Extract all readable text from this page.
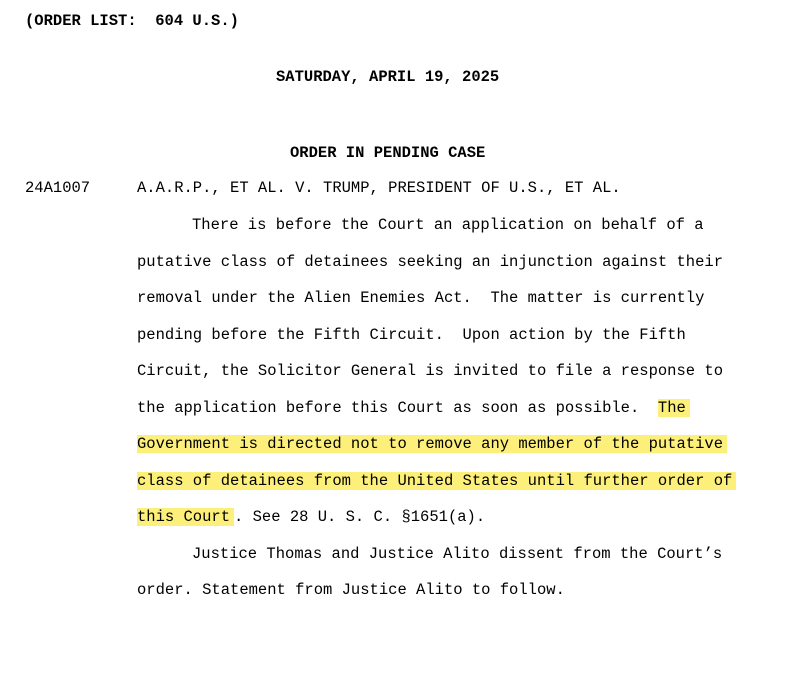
(ORDER LIST:  604 U.S.)
SATURDAY, APRIL 19, 2025
ORDER IN PENDING CASE
24A1007	A.A.R.P., ET AL. V. TRUMP, PRESIDENT OF U.S., ET AL.
There is before the Court an application on behalf of a
putative class of detainees seeking an injunction against their
removal under the Alien Enemies Act.  The matter is currently
pending before the Fifth Circuit.  Upon action by the Fifth
Circuit, the Solicitor General is invited to file a response to
the application before this Court as soon as possible.  The
Government is directed not to remove any member of the putative
class of detainees from the United States until further order of
this Court . See 28 U. S. C. §1651(a).
Justice Thomas and Justice Alito dissent from the Court’s
order. Statement from Justice Alito to follow.
